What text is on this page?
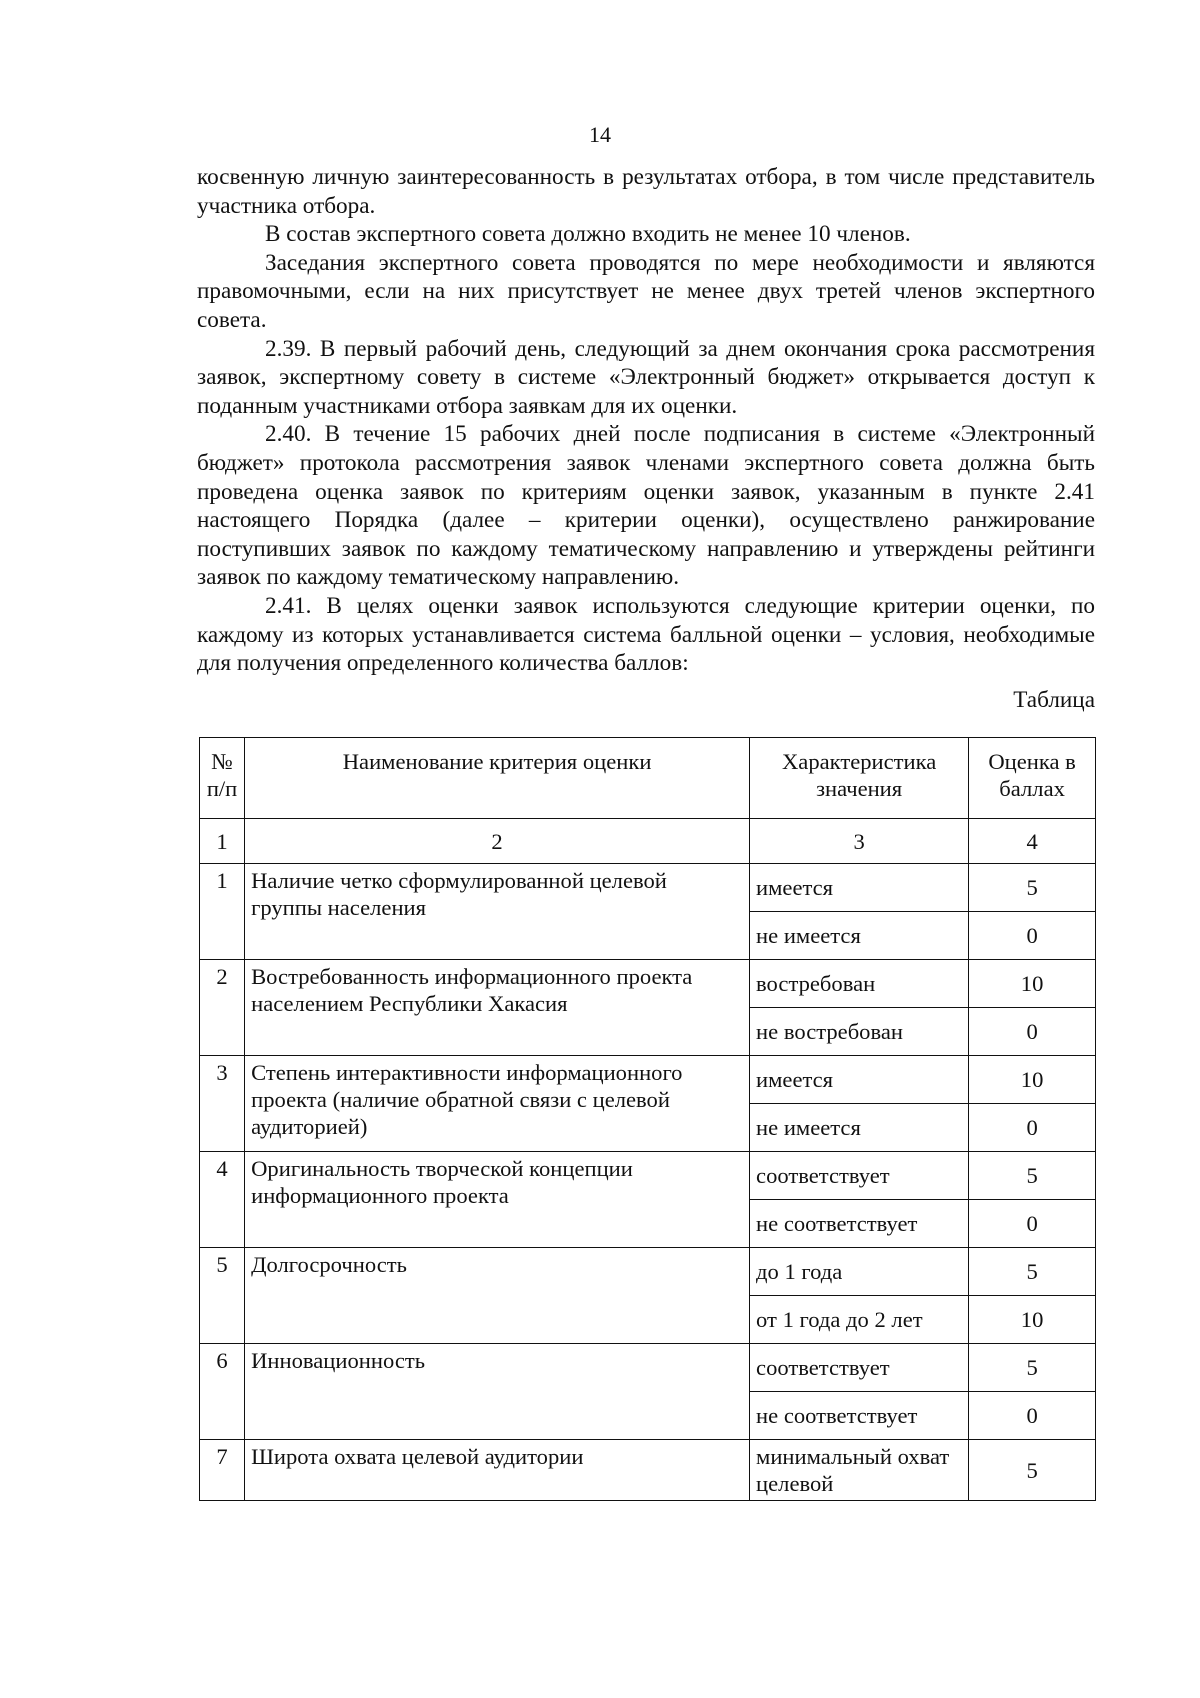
14

косвенную личную заинтересованность в результатах отбора, в том числе представитель участника отбора.

В состав экспертного совета должно входить не менее 10 членов.

Заседания экспертного совета проводятся по мере необходимости и являются правомочными, если на них присутствует не менее двух третей членов экспертного совета.

2.39. В первый рабочий день, следующий за днем окончания срока рассмотрения заявок, экспертному совету в системе «Электронный бюджет» открывается доступ к поданным участниками отбора заявкам для их оценки.

2.40. В течение 15 рабочих дней после подписания в системе «Электронный бюджет» протокола рассмотрения заявок членами экспертного совета должна быть проведена оценка заявок по критериям оценки заявок, указанным в пункте 2.41 настоящего Порядка (далее – критерии оценки), осуществлено ранжирование поступивших заявок по каждому тематическому направлению и утверждены рейтинги заявок по каждому тематическому направлению.

2.41. В целях оценки заявок используются следующие критерии оценки, по каждому из которых устанавливается система балльной оценки – условия, необходимые для получения определенного количества баллов:

Таблица

№ п/п	Наименование критерия оценки	Характеристика значения	Оценка в баллах
1	2	3	4
1	Наличие четко сформулированной целевой группы населения	имеется	5
		не имеется	0
2	Востребованность информационного проекта населением Республики Хакасия	востребован	10
		не востребован	0
3	Степень интерактивности информационного проекта (наличие обратной связи с целевой аудиторией)	имеется	10
		не имеется	0
4	Оригинальность творческой концепции информационного проекта	соответствует	5
		не соответствует	0
5	Долгосрочность	до 1 года	5
		от 1 года до 2 лет	10
6	Инновационность	соответствует	5
		не соответствует	0
7	Широта охвата целевой аудитории	минимальный охват целевой	5
